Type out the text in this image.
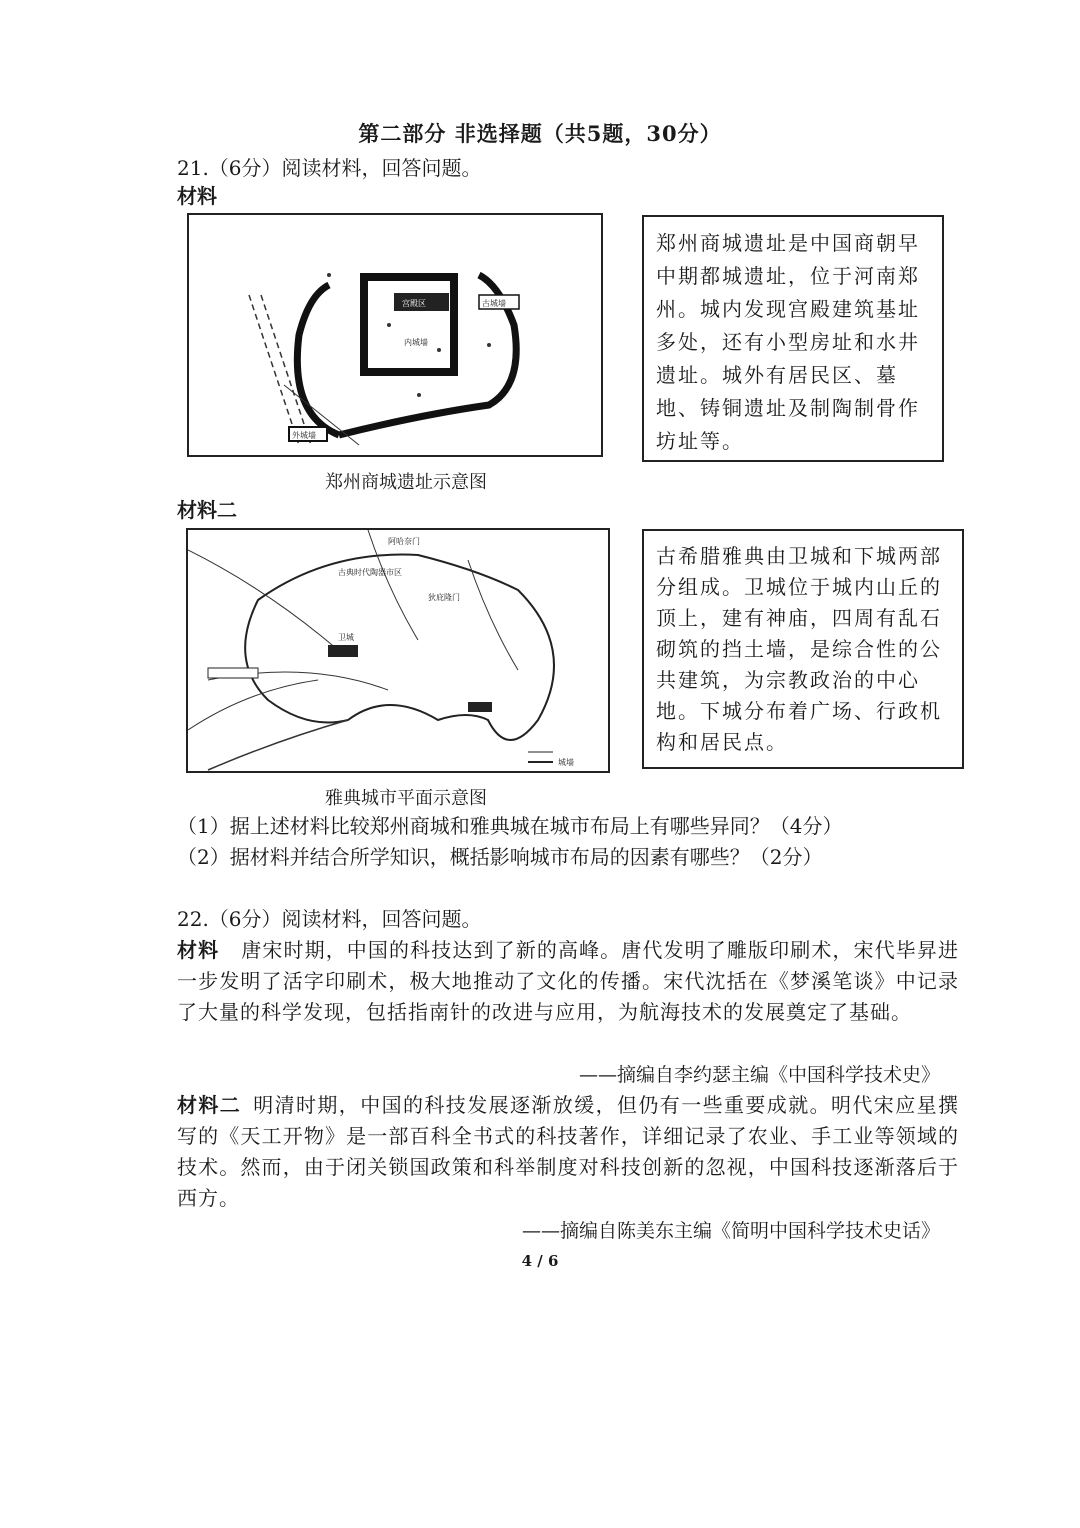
第二部分 非选择题（共5题，30分）
21.（6分）阅读材料，回答问题。
材料
宫殿区
内城墙
外城墙
古城墙
郑州商城遗址示意图
郑州商城遗址是中国商朝早中期都城遗址，位于河南郑州。城内发现宫殿建筑基址多处，还有小型房址和水井遗址。城外有居民区、墓地、铸铜遗址及制陶制骨作坊址等。
材料二
阿哈奈门
古典时代陶器市区
狄庇隆门
卫城
城墙
雅典城市平面示意图
古希腊雅典由卫城和下城两部分组成。卫城位于城内山丘的顶上，建有神庙，四周有乱石砌筑的挡土墙，是综合性的公共建筑，为宗教政治的中心地。下城分布着广场、行政机构和居民点。
（1）据上述材料比较郑州商城和雅典城在城市布局上有哪些异同？（4分）
（2）据材料并结合所学知识，概括影响城市布局的因素有哪些？（2分）
22.（6分）阅读材料，回答问题。
材料 唐宋时期，中国的科技达到了新的高峰。唐代发明了雕版印刷术，宋代毕昇进一步发明了活字印刷术，极大地推动了文化的传播。宋代沈括在《梦溪笔谈》中记录了大量的科学发现，包括指南针的改进与应用，为航海技术的发展奠定了基础。
——摘编自李约瑟主编《中国科学技术史》
材料二 明清时期，中国的科技发展逐渐放缓，但仍有一些重要成就。明代宋应星撰写的《天工开物》是一部百科全书式的科技著作，详细记录了农业、手工业等领域的技术。然而，由于闭关锁国政策和科举制度对科技创新的忽视，中国科技逐渐落后于西方。
——摘编自陈美东主编《简明中国科学技术史话》
4 / 6
